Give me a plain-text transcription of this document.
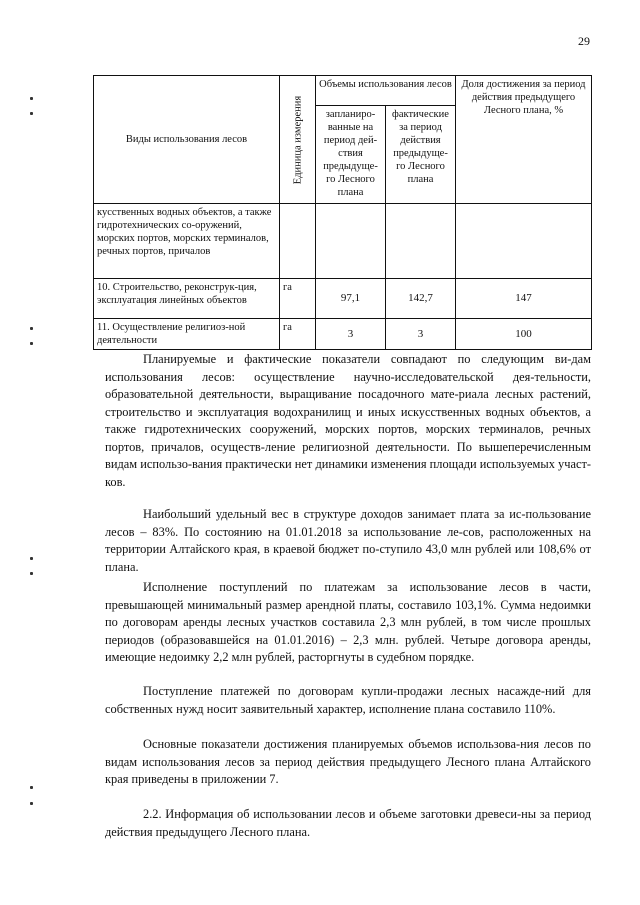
29
Виды использования лесов	Единица измерения	Объемы использования лесов		Доля достижения за период действия предыдущего Лесного плана, %
		запланиро-ванные на период дей-ствия предыдуще-го Лесного плана	фактические за период действия предыдуще-го Лесного плана	
кусственных водных объектов, а также гидротехнических со-оружений, морских портов, морских терминалов, речных портов, причалов				
10. Строительство, реконструк-ция, эксплуатация линейных объектов	га	97,1	142,7	147
11. Осуществление религиоз-ной деятельности	га	3	3	100

Планируемые и фактические показатели совпадают по следующим ви-дам использования лесов: осуществление научно-исследовательской дея-тельности, образовательной деятельности, выращивание посадочного мате-риала лесных растений, строительство и эксплуатация водохранилищ и иных искусственных водных объектов, а также гидротехнических сооружений, морских портов, морских терминалов, речных портов, причалов, осуществ-ление религиозной деятельности. По вышеперечисленным видам использо-вания практически нет динамики изменения площади используемых участ-ков.

Наибольший удельный вес в структуре доходов занимает плата за ис-пользование лесов – 83%. По состоянию на 01.01.2018 за использование ле-сов, расположенных на территории Алтайского края, в краевой бюджет по-ступило 43,0 млн рублей или 108,6% от плана.

Исполнение поступлений по платежам за использование лесов в части, превышающей минимальный размер арендной платы, составило 103,1%. Сумма недоимки по договорам аренды лесных участков составила 2,3 млн рублей, в том числе прошлых периодов (образовавшейся на 01.01.2016) – 2,3 млн. рублей. Четыре договора аренды, имеющие недоимку 2,2 млн рублей, расторгнуты в судебном порядке.

Поступление платежей по договорам купли-продажи лесных насажде-ний для собственных нужд носит заявительный характер, исполнение плана составило 110%.

Основные показатели достижения планируемых объемов использова-ния лесов по видам использования лесов за период действия предыдущего Лесного плана Алтайского края приведены в приложении 7.

2.2. Информация об использовании лесов и объеме заготовки древеси-ны за период действия предыдущего Лесного плана.
